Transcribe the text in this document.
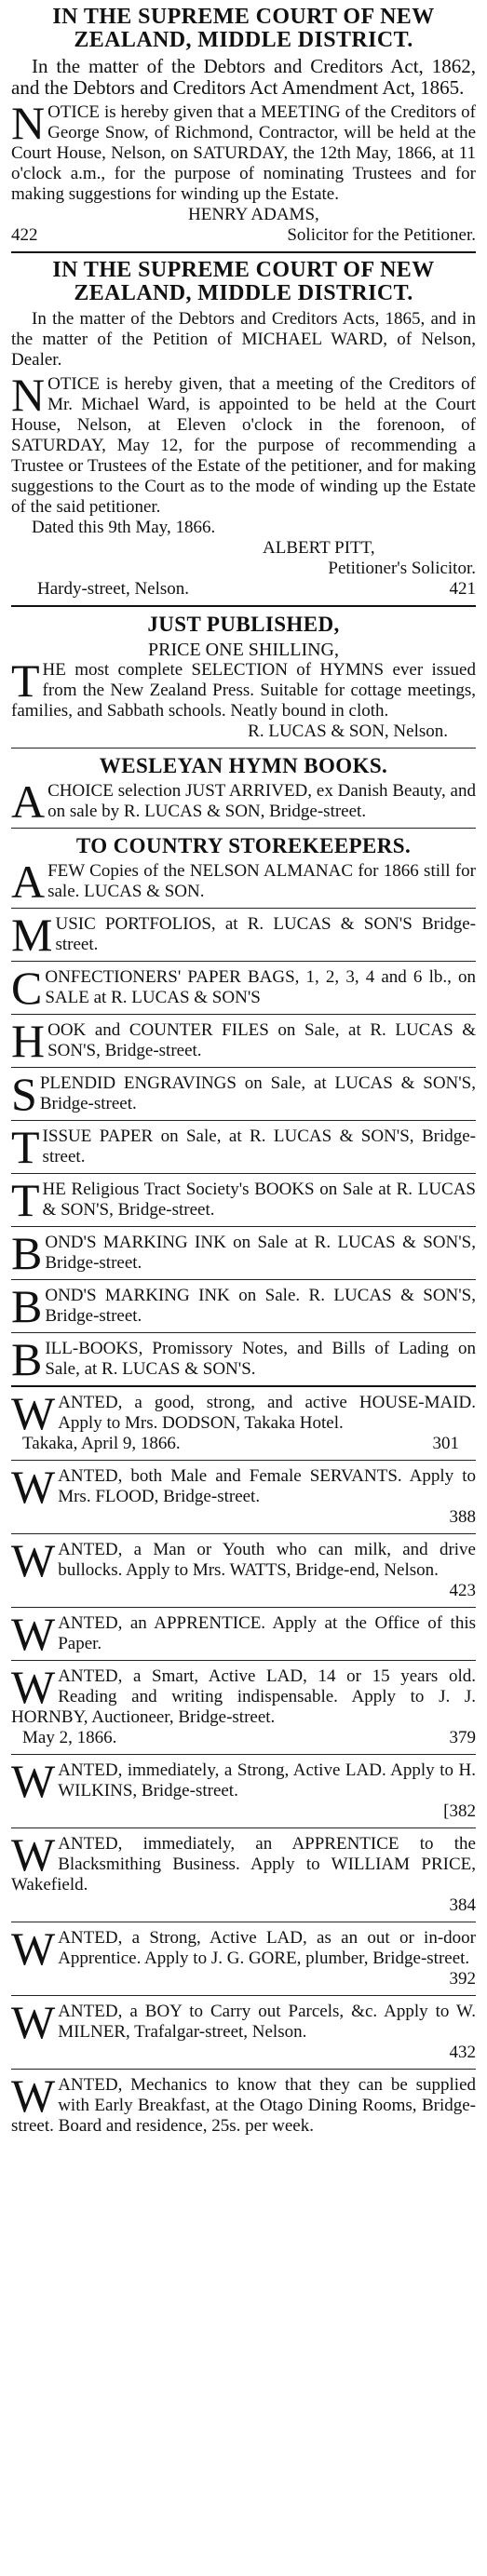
IN THE SUPREME COURT OF NEW ZEALAND, MIDDLE DISTRICT.

In the matter of the Debtors and Creditors Act, 1862, and the Debtors and Creditors Act Amendment Act, 1865.

NOTICE is hereby given that a MEETING of the Creditors of George Snow, of Richmond, Contractor, will be held at the Court House, Nelson, on SATURDAY, the 12th May, 1866, at 11 o'clock a.m., for the purpose of nominating Trustees and for making suggestions for winding up the Estate.

HENRY ADAMS,
422	Solicitor for the Petitioner.
IN THE SUPREME COURT OF NEW ZEALAND, MIDDLE DISTRICT.

In the matter of the Debtors and Creditors Acts, 1865, and in the matter of the Petition of MICHAEL WARD, of Nelson, Dealer.

NOTICE is hereby given, that a meeting of the Creditors of Mr. Michael Ward, is appointed to be held at the Court House, Nelson, at Eleven o'clock in the forenoon, of SATURDAY, May 12, for the purpose of recommending a Trustee or Trustees of the Estate of the petitioner, and for making suggestions to the Court as to the mode of winding up the Estate of the said petitioner.

Dated this 9th May, 1866.

ALBERT PITT,
Petitioner's Solicitor.
Hardy-street, Nelson.	421
JUST PUBLISHED,
PRICE ONE SHILLING,

THE most complete SELECTION of HYMNS ever issued from the New Zealand Press. Suitable for cottage meetings, families, and Sabbath schools. Neatly bound in cloth.

R. LUCAS & SON, Nelson.
WESLEYAN HYMN BOOKS.

ACHOICE selection JUST ARRIVED, ex Danish Beauty, and on sale by R. LUCAS & SON, Bridge-street.

TO COUNTRY STOREKEEPERS.

AFEW Copies of the NELSON ALMANAC for 1866 still for sale. LUCAS & SON.

MUSIC PORTFOLIOS, at R. LUCAS & SON'S Bridge-street.

CONFECTIONERS' PAPER BAGS, 1, 2, 3, 4 and 6 lb., on SALE at R. LUCAS & SON'S

HOOK and COUNTER FILES on Sale, at R. LUCAS & SON'S, Bridge-street.

SPLENDID ENGRAVINGS on Sale, at LUCAS & SON'S, Bridge-street.

TISSUE PAPER on Sale, at R. LUCAS & SON'S, Bridge-street.

THE Religious Tract Society's BOOKS on Sale at R. LUCAS & SON'S, Bridge-street.

BOND'S MARKING INK on Sale at R. LUCAS & SON'S, Bridge-street.

BOND'S MARKING INK on Sale. R. LUCAS & SON'S, Bridge-street.

BILL-BOOKS, Promissory Notes, and Bills of Lading on Sale, at R. LUCAS & SON'S.

WANTED, a good, strong, and active HOUSE-MAID. Apply to Mrs. DODSON, Takaka Hotel.

Takaka, April 9, 1866.	301

WANTED, both Male and Female SERVANTS. Apply to Mrs. FLOOD, Bridge-street.

388

WANTED, a Man or Youth who can milk, and drive bullocks. Apply to Mrs. WATTS, Bridge-end, Nelson.

423

WANTED, an APPRENTICE. Apply at the Office of this Paper.

WANTED, a Smart, Active LAD, 14 or 15 years old. Reading and writing indispensable. Apply to J. J. HORNBY, Auctioneer, Bridge-street.

May 2, 1866.	379

WANTED, immediately, a Strong, Active LAD. Apply to H. WILKINS, Bridge-street.

[382

WANTED, immediately, an APPRENTICE to the Blacksmithing Business. Apply to WILLIAM PRICE, Wakefield.

384

WANTED, a Strong, Active LAD, as an out or in-door Apprentice. Apply to J. G. GORE, plumber, Bridge-street.

392

WANTED, a BOY to Carry out Parcels, &c. Apply to W. MILNER, Trafalgar-street, Nelson.

432

WANTED, Mechanics to know that they can be supplied with Early Breakfast, at the Otago Dining Rooms, Bridge-street. Board and residence, 25s. per week.
